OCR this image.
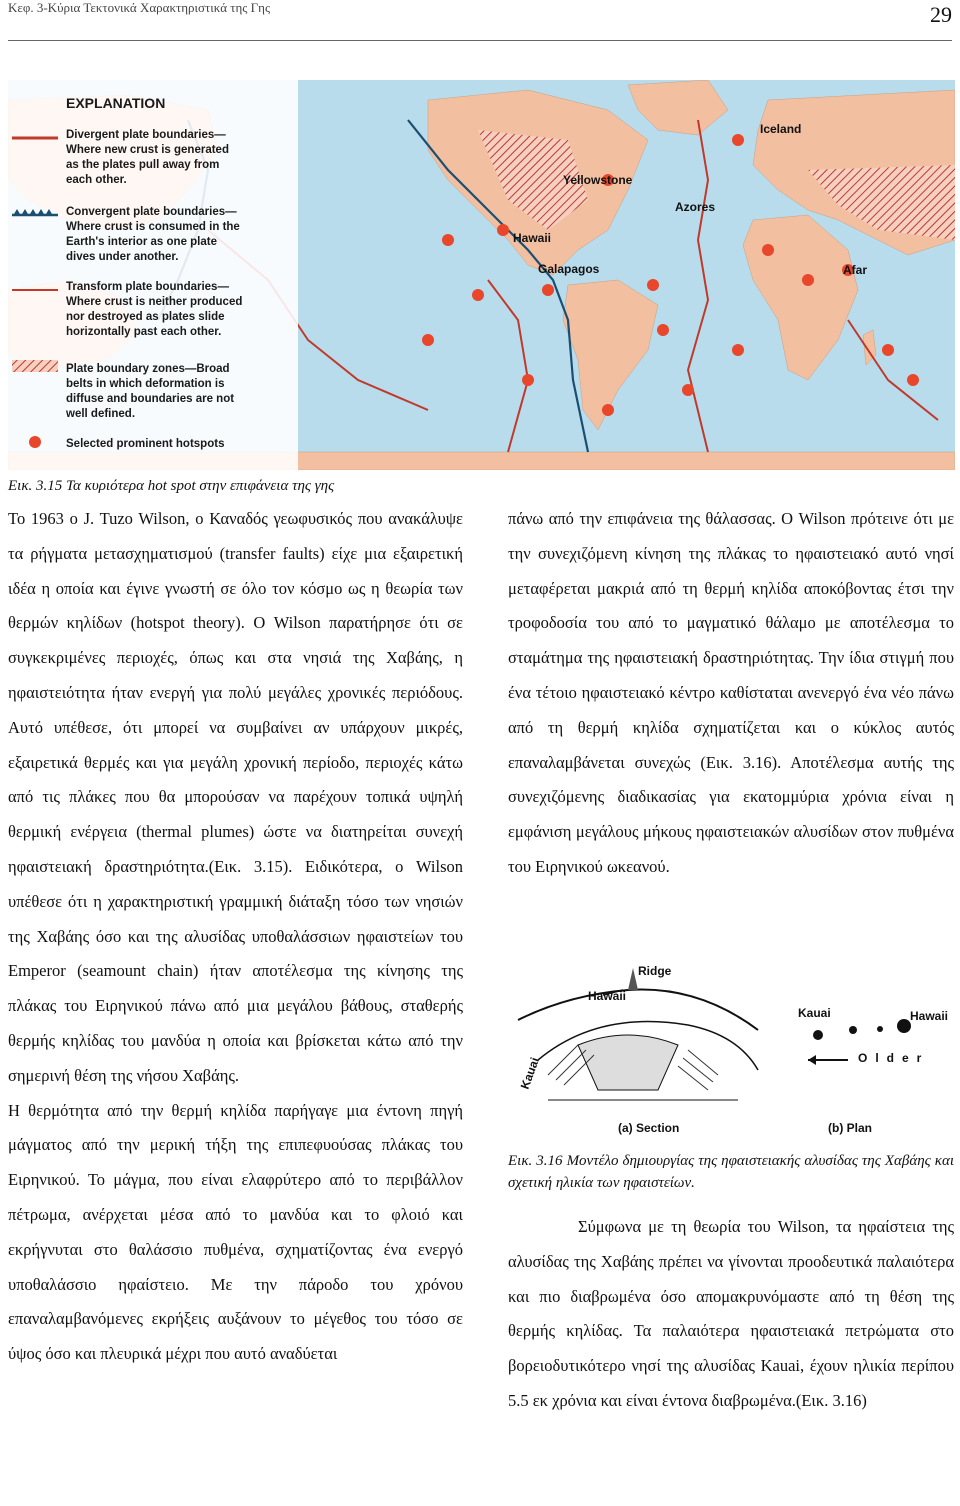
Κεφ. 3-Κύρια Τεκτονικά Χαρακτηριστικά της Γης	29
Iceland
Yellowstone
Azores
Hawaii
Galapagos	Afar
EXPLANATION
Divergent plate boundaries— Where new crust is generated as the plates pull away from each other.
Convergent plate boundaries— Where crust is consumed in the Earth's interior as one plate dives under another.
Transform plate boundaries— Where crust is neither produced nor destroyed as plates slide horizontally past each other.
Plate boundary zones—Broad belts in which deformation is diffuse and boundaries are not well defined.
Selected prominent hotspots
Εικ. 3.15 Τα κυριότερα hot spot στην επιφάνεια της γης

Το 1963 ο J. Tuzo Wilson, ο Καναδός γεωφυσικός που ανακάλυψε τα ρήγματα μετασχηματισμού (transfer faults) είχε μια εξαιρετική ιδέα η οποία και έγινε γνωστή σε όλο τον κόσμο ως η θεωρία των θερμών κηλίδων (hotspot theory). Ο Wilson παρατήρησε ότι σε συγκεκριμένες περιοχές, όπως και στα νησιά της Χαβάης, η ηφαιστειότητα ήταν ενεργή για πολύ μεγάλες χρονικές περιόδους. Αυτό υπέθεσε, ότι μπορεί να συμβαίνει αν υπάρχουν μικρές, εξαιρετικά θερμές και για μεγάλη χρονική περίοδο, περιοχές κάτω από τις πλάκες που θα μπορούσαν να παρέχουν τοπικά υψηλή θερμική ενέργεια (thermal plumes) ώστε να διατηρείται συνεχή ηφαιστειακή δραστηριότητα.(Εικ. 3.15). Ειδικότερα, ο Wilson υπέθεσε ότι η χαρακτηριστική γραμμική διάταξη τόσο των νησιών της Χαβάης όσο και της αλυσίδας υποθαλάσσιων ηφαιστείων του Emperor (seamount chain) ήταν αποτέλεσμα της κίνησης της πλάκας του Ειρηνικού πάνω από μια μεγάλου βάθους, σταθερής θερμής κηλίδας του μανδύα η οποία και βρίσκεται κάτω από την σημερινή θέση της νήσου Χαβάης.

Η θερμότητα από την θερμή κηλίδα παρήγαγε μια έντονη πηγή μάγματος από την μερική τήξη της επιπεφυούσας πλάκας του Ειρηνικού. Το μάγμα, που είναι ελαφρύτερο από το περιβάλλον πέτρωμα, ανέρχεται μέσα από το μανδύα και το φλοιό και εκρήγνυται στο θαλάσσιο πυθμένα, σχηματίζοντας ένα ενεργό υποθαλάσσιο ηφαίστειο. Με την πάροδο του χρόνου επαναλαμβανόμενες εκρήξεις αυξάνουν το μέγεθος του τόσο σε ύψος όσο και πλευρικά μέχρι που αυτό αναδύεται

πάνω από την επιφάνεια της θάλασσας. Ο Wilson πρότεινε ότι με την συνεχιζόμενη κίνηση της πλάκας το ηφαιστειακό αυτό νησί μεταφέρεται μακριά από τη θερμή κηλίδα αποκόβοντας έτσι την τροφοδοσία του από το μαγματικό θάλαμο με αποτέλεσμα το σταμάτημα της ηφαιστειακή δραστηριότητας. Την ίδια στιγμή που ένα τέτοιο ηφαιστειακό κέντρο καθίσταται ανενεργό ένα νέο πάνω από τη θερμή κηλίδα σχηματίζεται και ο κύκλος αυτός επαναλαμβάνεται συνεχώς (Εικ. 3.16). Αποτέλεσμα αυτής της συνεχιζόμενης διαδικασίας για εκατομμύρια χρόνια είναι η εμφάνιση μεγάλους μήκους ηφαιστειακών αλυσίδων στον πυθμένα του Ειρηνικού ωκεανού.

Ridge
Hawaii
Kauai
Kauai	Hawaii
Older
(a) Section	(b) Plan
Εικ. 3.16 Μοντέλο δημιουργίας της ηφαιστειακής αλυσίδας της Χαβάης και σχετική ηλικία των ηφαιστείων.

Σύμφωνα με τη θεωρία του Wilson, τα ηφαίστεια της αλυσίδας της Χαβάης πρέπει να γίνονται προοδευτικά παλαιότερα και πιο διαβρωμένα όσο απομακρυνόμαστε από τη θέση της θερμής κηλίδας. Τα παλαιότερα ηφαιστειακά πετρώματα στο βορειοδυτικότερο νησί της αλυσίδας Kauai, έχουν ηλικία περίπου 5.5 εκ χρόνια και είναι έντονα διαβρωμένα.(Εικ. 3.16)
